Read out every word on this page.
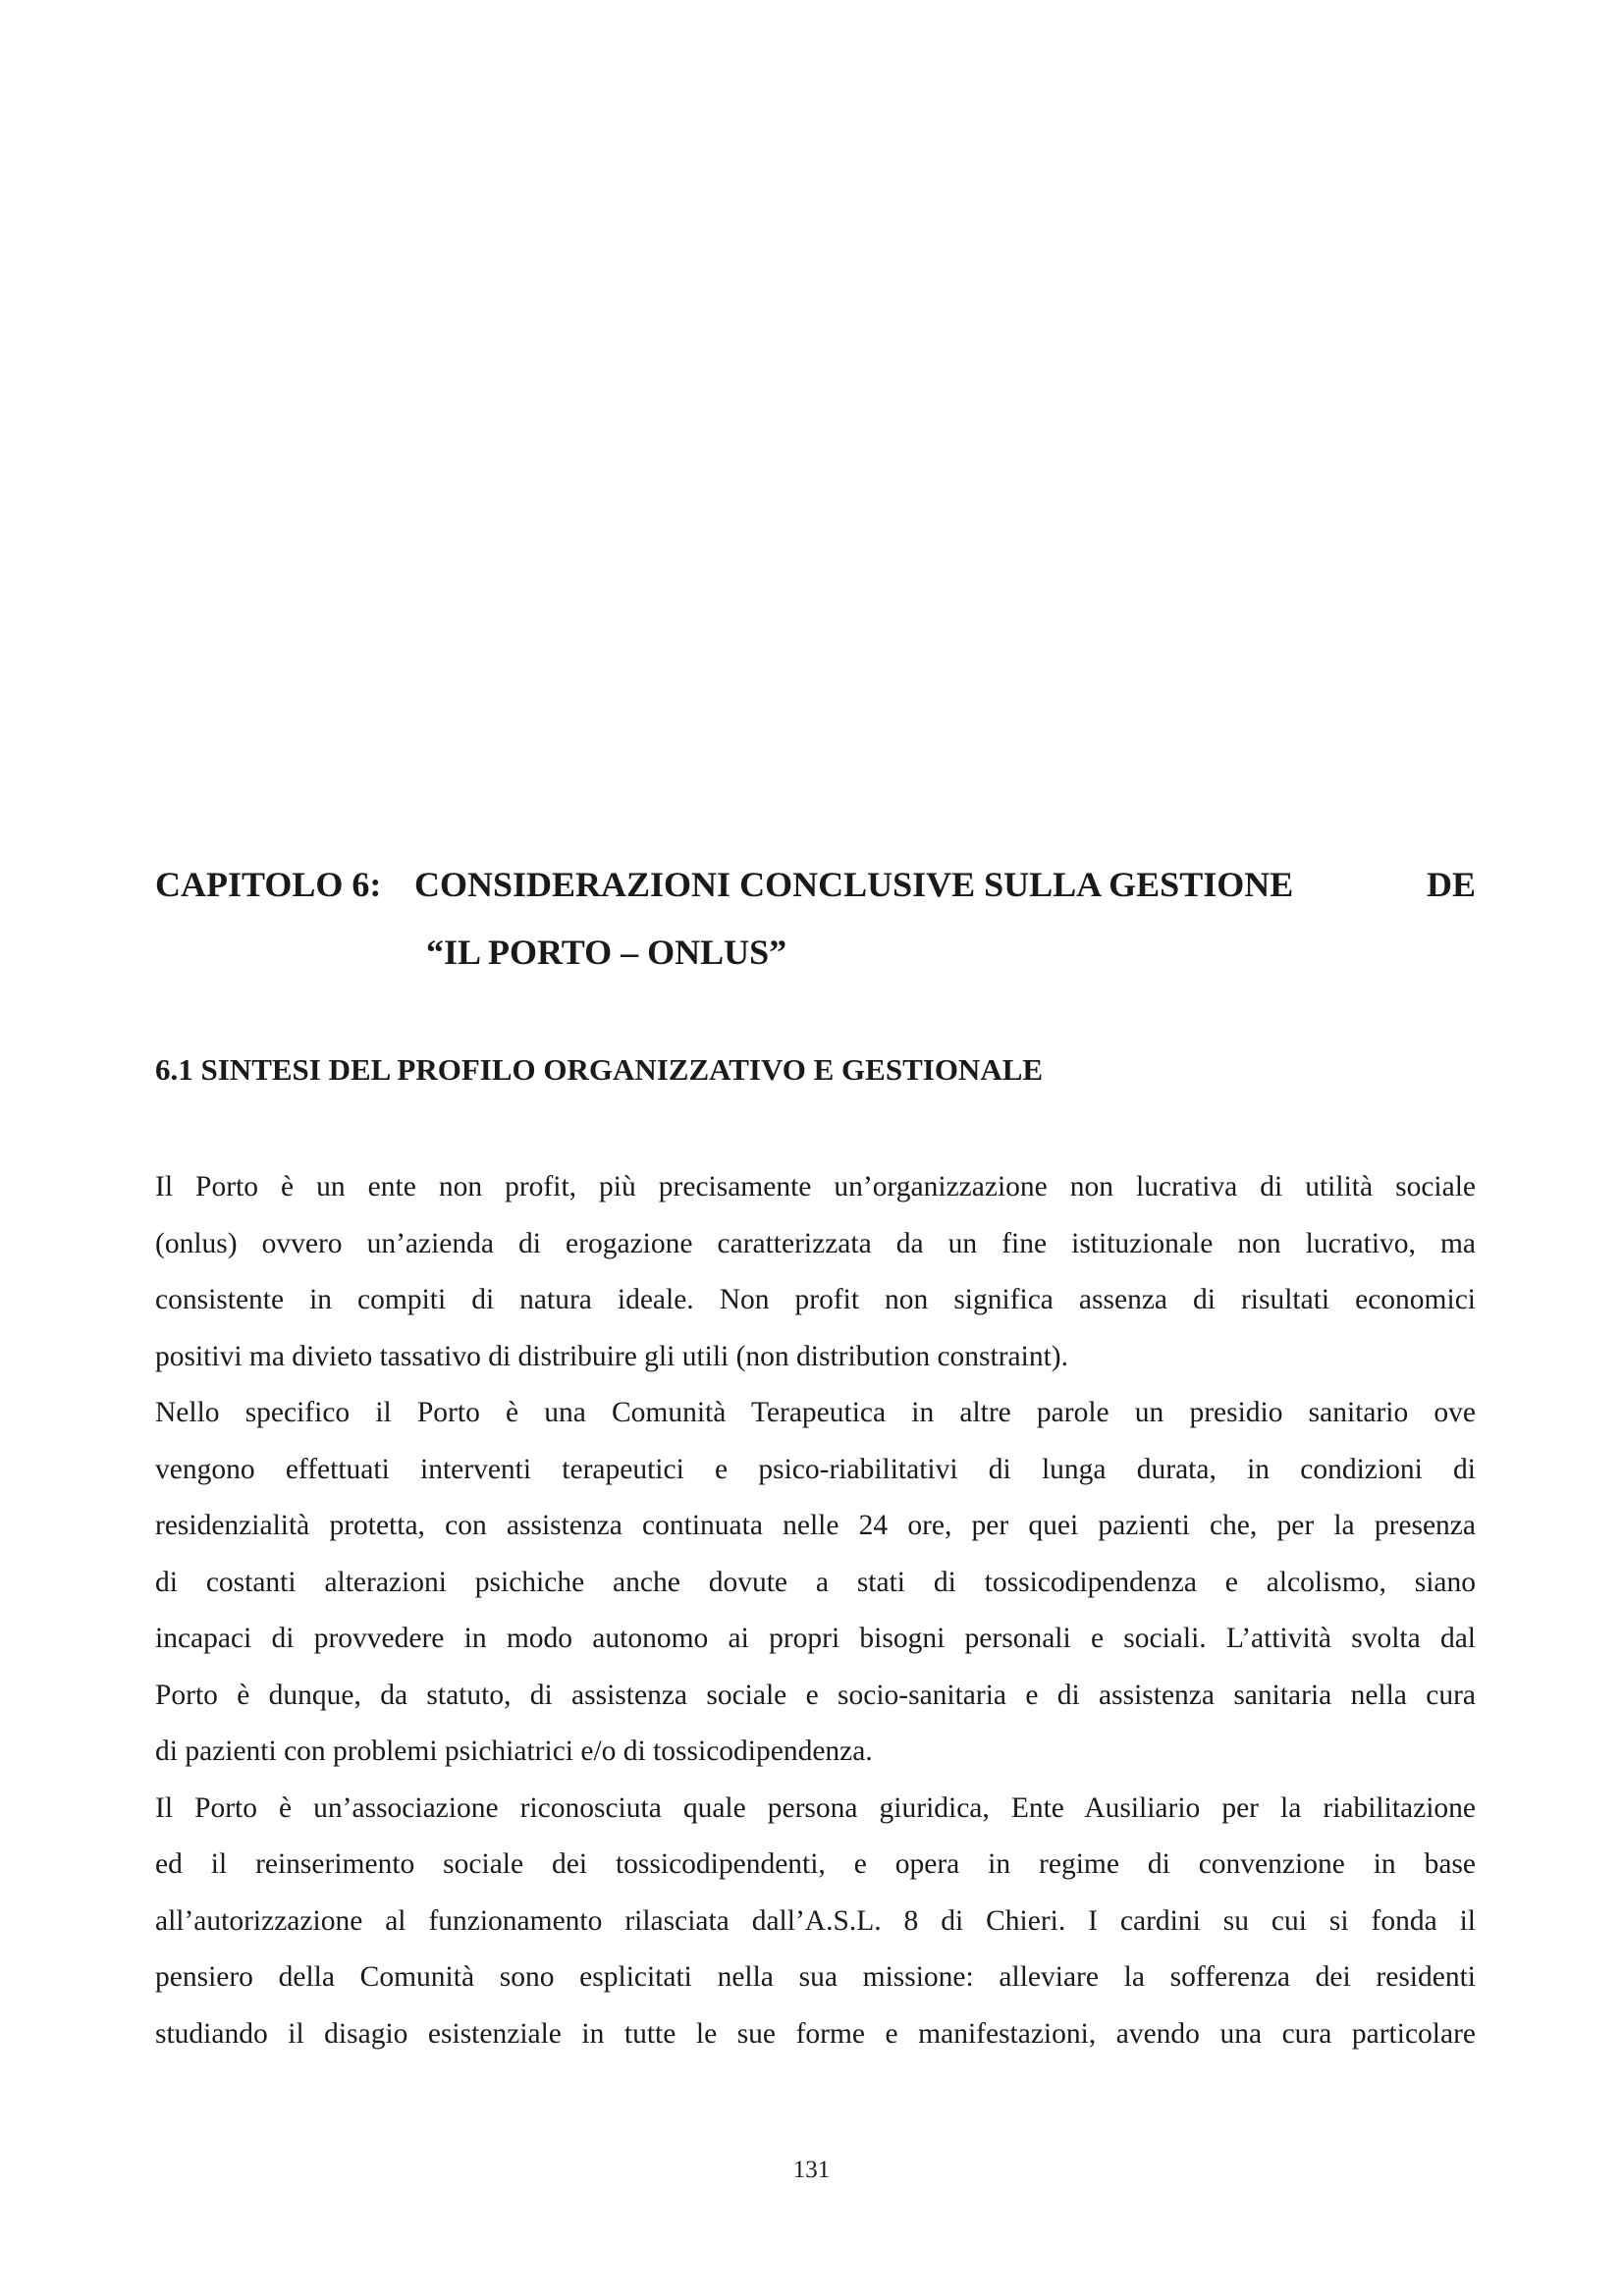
CAPITOLO 6: CONSIDERAZIONI CONCLUSIVE SULLA GESTIONE	DE
“IL PORTO – ONLUS”
6.1 SINTESI DEL PROFILO ORGANIZZATIVO E GESTIONALE
Il Porto è un ente non profit, più precisamente un’organizzazione non lucrativa di utilità sociale
(onlus) ovvero un’azienda di erogazione caratterizzata da un fine istituzionale non lucrativo, ma
consistente in compiti di natura ideale. Non profit non significa assenza di risultati economici
positivi ma divieto tassativo di distribuire gli utili (non distribution constraint).
Nello specifico il Porto è una Comunità Terapeutica in altre parole un presidio sanitario ove
vengono effettuati interventi terapeutici e psico-riabilitativi di lunga durata, in condizioni di
residenzialità protetta, con assistenza continuata nelle 24 ore, per quei pazienti che, per la presenza
di costanti alterazioni psichiche anche dovute a stati di tossicodipendenza e alcolismo, siano
incapaci di provvedere in modo autonomo ai propri bisogni personali e sociali. L’attività svolta dal
Porto è dunque, da statuto, di assistenza sociale e socio-sanitaria e di assistenza sanitaria nella cura
di pazienti con problemi psichiatrici e/o di tossicodipendenza.
Il Porto è un’associazione riconosciuta quale persona giuridica, Ente Ausiliario per la riabilitazione
ed il reinserimento sociale dei tossicodipendenti, e opera in regime di convenzione in base
all’autorizzazione al funzionamento rilasciata dall’A.S.L. 8 di Chieri. I cardini su cui si fonda il
pensiero della Comunità sono esplicitati nella sua missione: alleviare la sofferenza dei residenti
studiando il disagio esistenziale in tutte le sue forme e manifestazioni, avendo una cura particolare
131
